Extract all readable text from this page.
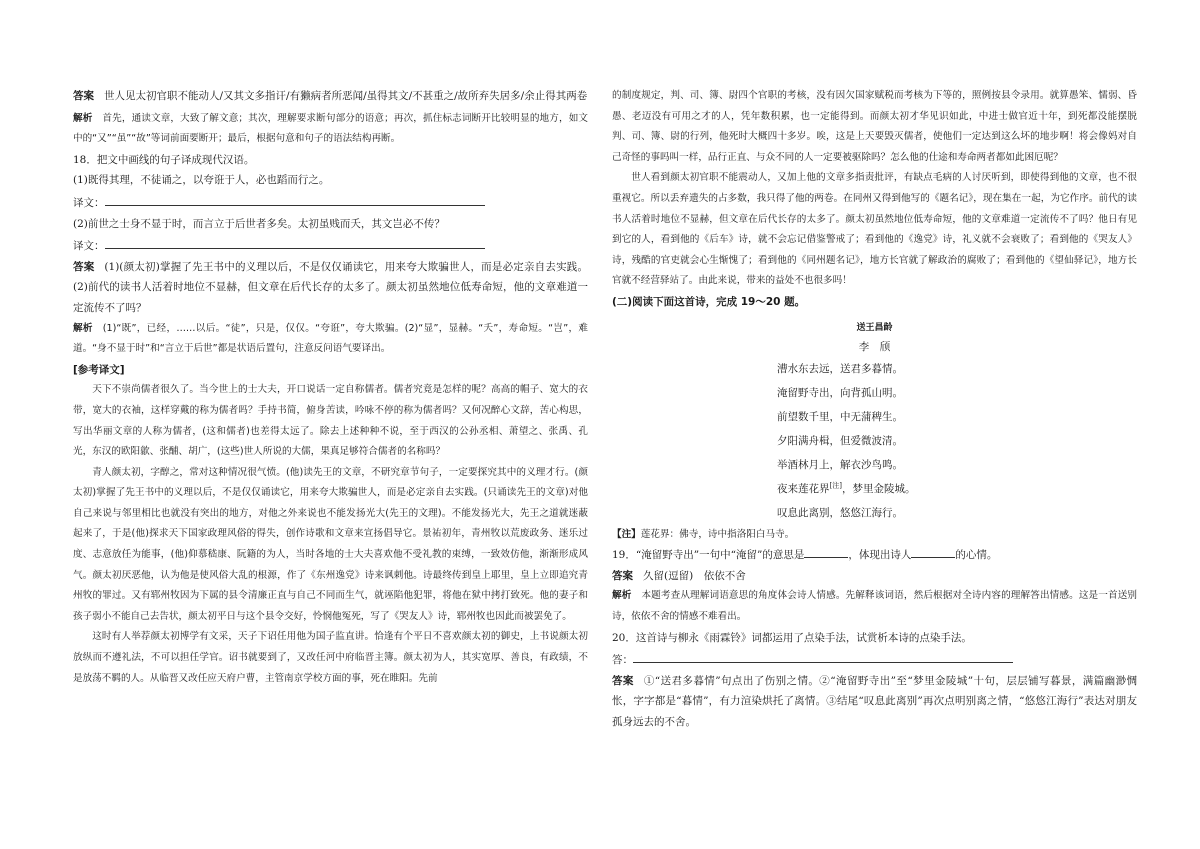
答案 世人见太初官职不能动人/又其文多指讦/有獭病者所恶闻/虽得其文/不甚重之/故所弃失居多/余止得其两卷

解析 首先，通读文章，大致了解文意；其次，理解要求断句部分的语意；再次，抓住标志词断开比较明显的地方，如文中的“又”“虽”“故”等词前面要断开；最后，根据句意和句子的语法结构再断。

18．把文中画线的句子译成现代汉语。

(1)既得其理，不徒诵之，以夸诳于人，必也蹈而行之。

译文：

(2)前世之士身不显于时，而言立于后世者多矣。太初虽贱而夭，其文岂必不传？

译文：

答案 (1)(颜太初)掌握了先王书中的义理以后，不是仅仅诵读它，用来夸大欺骗世人，而是必定亲自去实践。(2)前代的读书人活着时地位不显赫，但文章在后代长存的太多了。颜太初虽然地位低寿命短，他的文章难道一定流传不了吗？

解析 (1)“既”，已经，……以后。“徒”，只是，仅仅。“夸诳”，夸大欺骗。(2)“显”，显赫。“夭”，寿命短。“岂”，难道。“身不显于时”和“言立于后世”都是状语后置句，注意反问语气要译出。

[参考译文]

天下不崇尚儒者很久了。当今世上的士大夫，开口说话一定自称儒者。儒者究竟是怎样的呢？高高的帽子、宽大的衣带，宽大的衣袖，这样穿戴的称为儒者吗？手持书简，俯身苦读，吟咏不停的称为儒者吗？又何况醉心文辞，苦心构思，写出华丽文章的人称为儒者，(这和儒者)也差得太远了。除去上述种种不说，至于西汉的公孙丞相、萧望之、张禹、孔光，东汉的欧阳歙、张酺、胡广，(这些)世人所说的大儒，果真足够符合儒者的名称吗？

青人颜太初，字醇之，常对这种情况很气愤。(他)读先王的文章，不研究章节句子，一定要探究其中的义理才行。(颜太初)掌握了先王书中的义理以后，不是仅仅诵读它，用来夸大欺骗世人，而是必定亲自去实践。(只诵读先王的文章)对他自己来说与邻里相比也就没有突出的地方，对他之外来说也不能发扬光大(先王的文理)。不能发扬光大，先王之道就迷蔽起来了，于是(他)探求天下国家政理风俗的得失，创作诗歌和文章来宣扬倡导它。景祐初年，青州牧以荒废政务、迷乐过度、志意放任为能事，(他)仰慕嵇康、阮籍的为人，当时各地的士大夫喜欢他不受礼教的束缚，一致效仿他，渐渐形成风气。颜太初厌恶他，认为他是使风俗大乱的根源，作了《东州逸党》诗来讽刺他。诗最终传到皇上耶里，皇上立即追究青州牧的罪过。又有郓州牧因为下属的县令清廉正直与自己不同而生气，就诬陷他犯罪，将他在狱中拷打致死。他的妻子和孩子弱小不能自己去告状，颜太初平日与这个县令交好，怜悯他冤死，写了《哭友人》诗，郓州牧也因此而被罢免了。

这时有人举荐颜太初博学有文采，天子下诏任用他为国子监直讲。恰逢有个平日不喜欢颜太初的御史，上书说颜太初放纵而不遵礼法，不可以担任学官。诏书就要到了，又改任河中府临晋主簿。颜太初为人，其实宽厚、善良，有政绩，不是放荡不羁的人。从临晋又改任应天府户曹，主管南京学校方面的事，死在睢阳。先前

的制度规定，判、司、簿、尉四个官职的考核，没有因欠国家赋税而考核为下等的，照例按县令录用。就算愚笨、懦弱、昏愚、老迈没有可用之才的人，凭年数积累，也一定能得到。而颜太初才华见识如此，中进士做官近十年，到死都没能摆脱判、司、簿、尉的行列，他死时大概四十多岁。唉，这是上天要毁灭儒者，使他们一定达到这么坏的地步啊！将会像妈对自己奇怪的事吗叫一样，品行正直、与众不同的人一定要被驱除吗？怎么他的仕途和寿命两者都如此困厄呢？

世人看到颜太初官职不能震动人，又加上他的文章多指责批评，有缺点毛病的人讨厌听到，即使得到他的文章，也不很重视它。所以丢弃遗失的占多数，我只得了他的两卷。在同州又得到他写的《题名记》，现在集在一起，为它作序。前代的读书人活着时地位不显赫，但文章在后代长存的太多了。颜太初虽然地位低寿命短，他的文章难道一定流传不了吗？他日有见到它的人，看到他的《后车》诗，就不会忘记借鉴警戒了；看到他的《逸党》诗，礼义就不会衰败了；看到他的《哭友人》诗，残酷的官吏就会心生惭愧了；看到他的《同州题名记》，地方长官就了解政治的腐败了；看到他的《望仙驿记》，地方长官就不经营驿站了。由此来说，带来的益处不也很多吗！

(二)阅读下面这首诗，完成 19～20 题。

送王昌龄

李　颀

漕水东去远，送君多暮情。

淹留野寺出，向背孤山明。

前望数千里，中无蒲稗生。

夕阳满舟楫，但爱微波清。

举酒林月上，解衣沙鸟鸣。

夜来莲花界[注]，梦里金陵城。

叹息此离别，悠悠江海行。

【注】莲花界：佛寺，诗中指洛阳白马寺。

19．“淹留野寺出”一句中“淹留”的意思是	，体现出诗人	的心情。

答案 久留(逗留)　依依不舍

解析 本题考查从理解词语意思的角度体会诗人情感。先解释该词语，然后根据对全诗内容的理解答出情感。这是一首送别诗，依依不舍的情感不难看出。

20．这首诗与柳永《雨霖铃》词都运用了点染手法，试赏析本诗的点染手法。

答：

答案 ①“送君多暮情”句点出了伤别之情。②“淹留野寺出”至“梦里金陵城”十句，层层铺写暮景，满篇幽渺惆怅，字字都是“暮情”，有力渲染烘托了离情。③结尾“叹息此离别”再次点明别离之情，“悠悠江海行”表达对朋友孤身远去的不舍。
